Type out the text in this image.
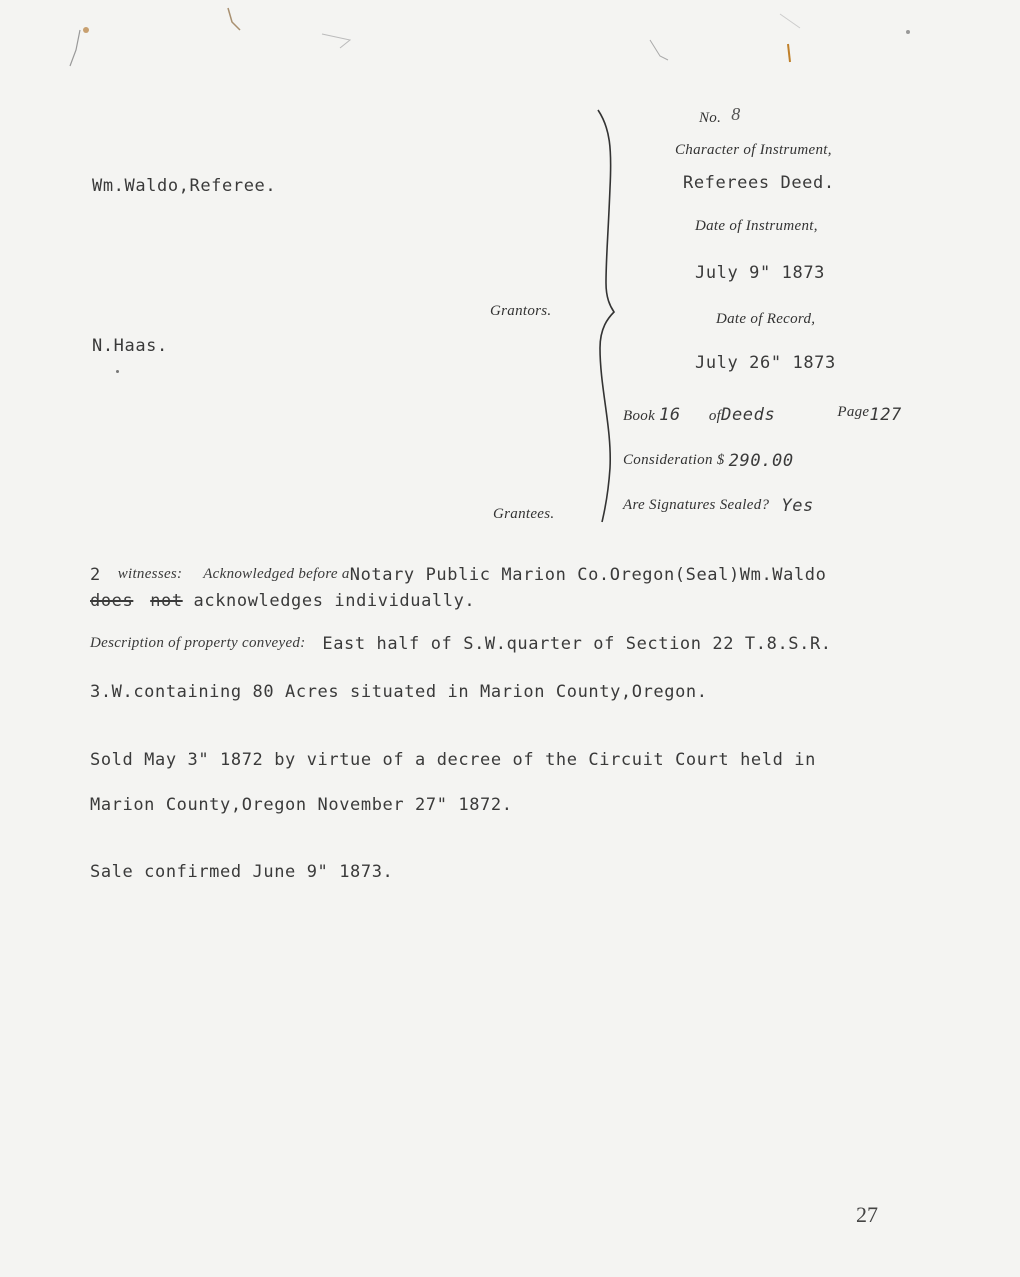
Wm.Waldo,Referee.
N.Haas.
Grantors.
Grantees.
No. 8
Character of Instrument,
Referees Deed.
Date of Instrument,
July 9" 1873
Date of Record,
July 26" 1873
Book 16 ofDeeds	Page127
Consideration $ 290.00
Are Signatures Sealed? Yes
2 witnesses: Acknowledged before aNotary Public Marion Co.Oregon(Seal)Wm.Waldo
does not acknowledges individually.
Description of property conveyed: East half of S.W.quarter of Section 22 T.8.S.R.
3.W.containing 80 Acres situated in Marion County,Oregon.
Sold May 3" 1872 by virtue of a decree of the Circuit Court held in
Marion County,Oregon November 27" 1872.
Sale confirmed June 9" 1873.
27
